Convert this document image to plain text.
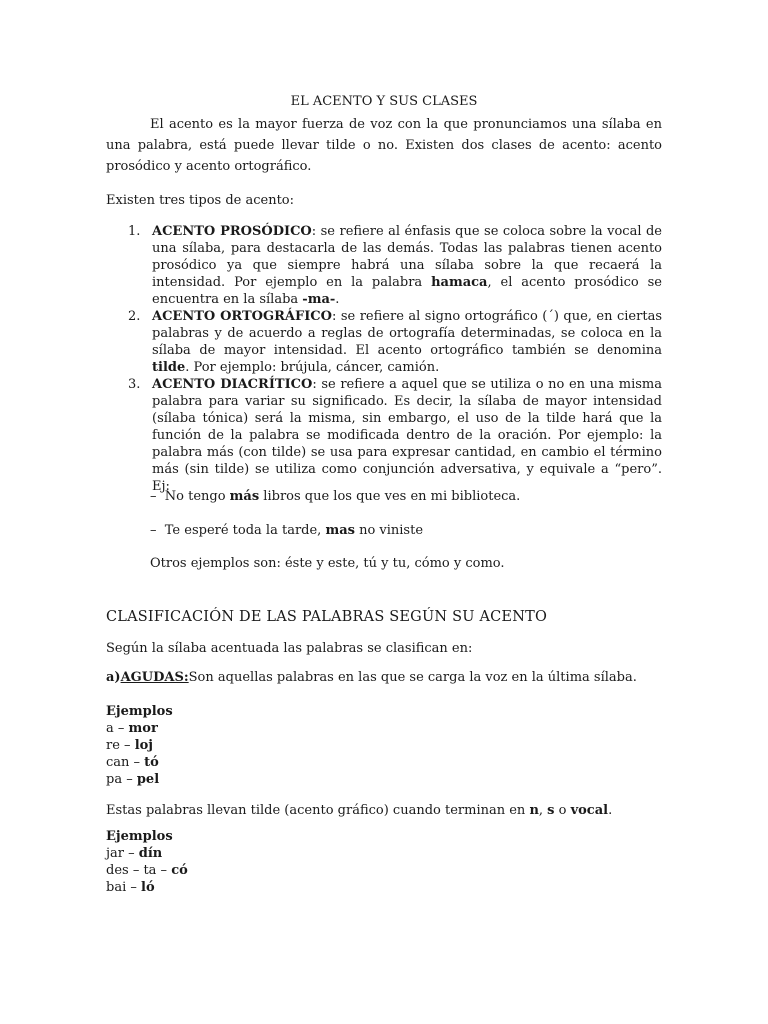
EL ACENTO Y SUS CLASES

El acento es la mayor fuerza de voz con la que pronunciamos una sílaba en una palabra, está puede llevar tilde o no. Existen dos clases de acento: acento prosódico y acento ortográfico.

Existen tres tipos de acento:

1. ACENTO PROSÓDICO: se refiere al énfasis que se coloca sobre la vocal de una sílaba, para destacarla de las demás. Todas las palabras tienen acento prosódico ya que siempre habrá una sílaba sobre la que recaerá la intensidad. Por ejemplo en la palabra hamaca, el acento prosódico se encuentra en la sílaba -ma-.
2. ACENTO ORTOGRÁFICO: se refiere al signo ortográfico (´) que, en ciertas palabras y de acuerdo a reglas de ortografía determinadas, se coloca en la sílaba de mayor intensidad. El acento ortográfico también se denomina tilde. Por ejemplo: brújula, cáncer, camión.
3. ACENTO DIACRÍTICO: se refiere a aquel que se utiliza o no en una misma palabra para variar su significado. Es decir, la sílaba de mayor intensidad (sílaba tónica) será la misma, sin embargo, el uso de la tilde hará que la función de la palabra se modificada dentro de la oración. Por ejemplo: la palabra más (con tilde) se usa para expresar cantidad, en cambio el término más (sin tilde) se utiliza como conjunción adversativa, y equivale a “pero”. Ej:

– No tengo más libros que los que ves en mi biblioteca.

– Te esperé toda la tarde, mas no viniste

Otros ejemplos son: éste y este, tú y tu, cómo y como.

CLASIFICACIÓN DE LAS PALABRAS SEGÚN SU ACENTO

Según la sílaba acentuada las palabras se clasifican en:

a)AGUDAS:Son aquellas palabras en las que se carga la voz en la última sílaba.

Ejemplos

a – mor

re – loj

can – tó

pa – pel

Estas palabras llevan tilde (acento gráfico) cuando terminan en n, s o vocal.

Ejemplos

jar – dín

des – ta – có

bai – ló
